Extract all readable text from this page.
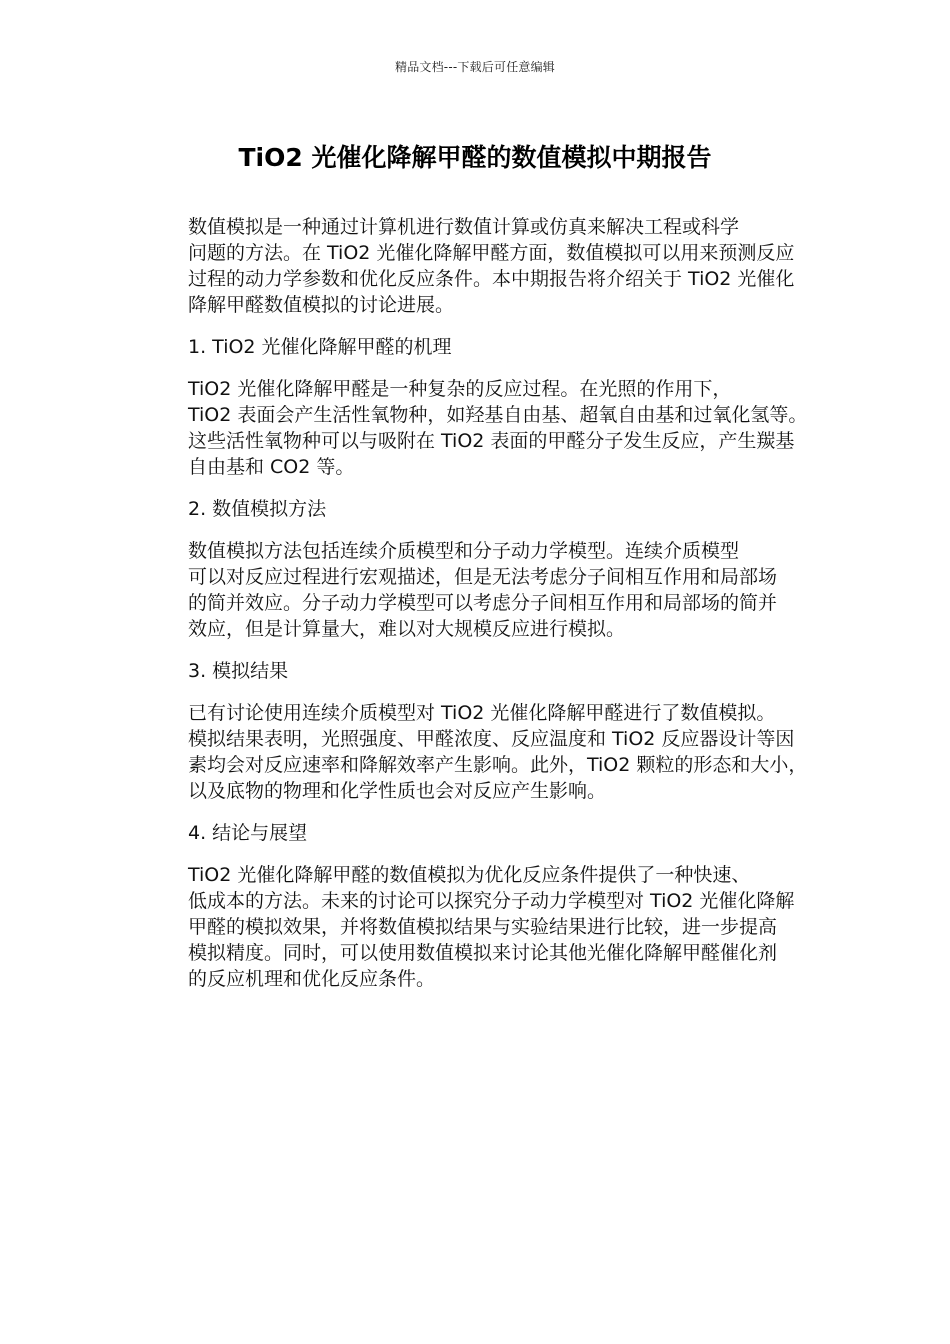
精品文档---下载后可任意编辑
TiO2 光催化降解甲醛的数值模拟中期报告

数值模拟是一种通过计算机进行数值计算或仿真来解决工程或科学
问题的方法。在 TiO2 光催化降解甲醛方面，数值模拟可以用来预测反应
过程的动力学参数和优化反应条件。本中期报告将介绍关于 TiO2 光催化
降解甲醛数值模拟的讨论进展。

1. TiO2 光催化降解甲醛的机理

TiO2 光催化降解甲醛是一种复杂的反应过程。在光照的作用下，
TiO2 表面会产生活性氧物种，如羟基自由基、超氧自由基和过氧化氢等。
这些活性氧物种可以与吸附在 TiO2 表面的甲醛分子发生反应，产生羰基
自由基和 CO2 等。

2. 数值模拟方法

数值模拟方法包括连续介质模型和分子动力学模型。连续介质模型
可以对反应过程进行宏观描述，但是无法考虑分子间相互作用和局部场
的简并效应。分子动力学模型可以考虑分子间相互作用和局部场的简并
效应，但是计算量大，难以对大规模反应进行模拟。

3. 模拟结果

已有讨论使用连续介质模型对 TiO2 光催化降解甲醛进行了数值模拟。
模拟结果表明，光照强度、甲醛浓度、反应温度和 TiO2 反应器设计等因
素均会对反应速率和降解效率产生影响。此外，TiO2 颗粒的形态和大小，
以及底物的物理和化学性质也会对反应产生影响。

4. 结论与展望

TiO2 光催化降解甲醛的数值模拟为优化反应条件提供了一种快速、
低成本的方法。未来的讨论可以探究分子动力学模型对 TiO2 光催化降解
甲醛的模拟效果，并将数值模拟结果与实验结果进行比较，进一步提高
模拟精度。同时，可以使用数值模拟来讨论其他光催化降解甲醛催化剂
的反应机理和优化反应条件。
